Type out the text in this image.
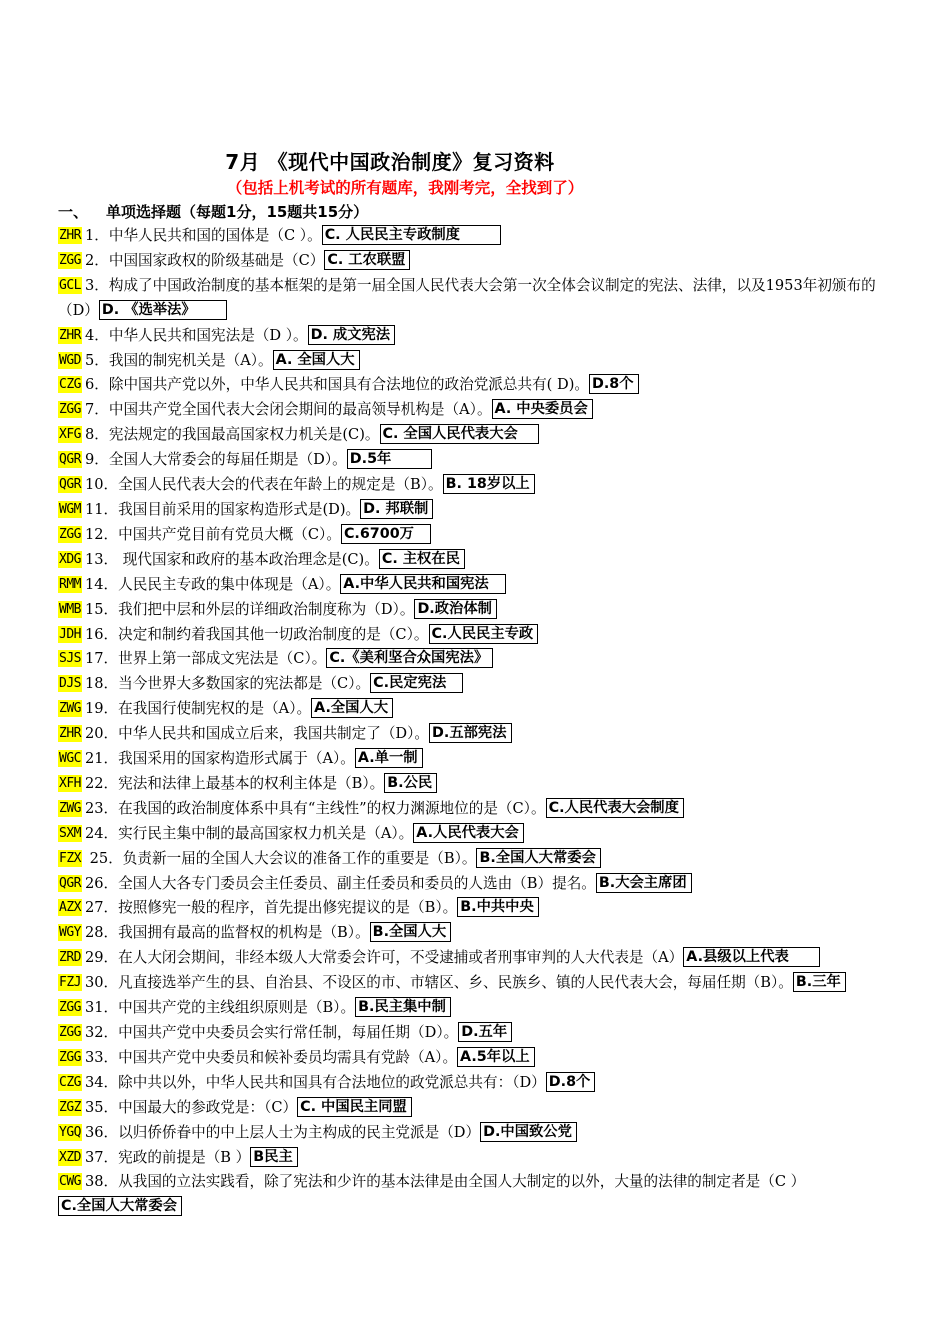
7月 《现代中国政治制度》复习资料
（包括上机考试的所有题库，我刚考完，全找到了）
一、 单项选择题（每题1分，15题共15分）
ZHR 1．中华人民共和国的国体是（C ）。 C. 人民民主专政制度
ZGG 2．中国国家政权的阶级基础是（C） C. 工农联盟
GCL 3．构成了中国政治制度的基本框架的是第一届全国人民代表大会第一次全体会议制定的宪法、法律，以及1953年初颁布的（D） D. 《选举法》
ZHR 4．中华人民共和国宪法是（D ）。 D. 成文宪法
WGD 5．我国的制宪机关是（A）。 A. 全国人大
CZG 6．除中国共产党以外，中华人民共和国具有合法地位的政治党派总共有( D)。 D.8个
ZGG 7．中国共产党全国代表大会闭会期间的最高领导机构是（A）。 A. 中央委员会
XFG 8．宪法规定的我国最高国家权力机关是(C)。 C. 全国人民代表大会
QGR 9．全国人大常委会的每届任期是（D）。 D.5年
QGR 10．全国人民代表大会的代表在年龄上的规定是（B）。 B. 18岁以上
WGM 11．我国目前采用的国家构造形式是(D)。 D. 邦联制
ZGG 12．中国共产党目前有党员大概（C）。 C.6700万
XDG 13． 现代国家和政府的基本政治理念是(C)。 C. 主权在民
RMM 14．人民民主专政的集中体现是（A）。 A.中华人民共和国宪法
WMB 15．我们把中层和外层的详细政治制度称为（D）。 D.政治体制
JDH 16．决定和制约着我国其他一切政治制度的是（C）。 C.人民民主专政
SJS 17．世界上第一部成文宪法是（C）。 C.《美利坚合众国宪法》
DJS 18．当今世界大多数国家的宪法都是（C）。 C.民定宪法
ZWG 19．在我国行使制宪权的是（A）。 A.全国人大
ZHR 20．中华人民共和国成立后来，我国共制定了（D）。 D.五部宪法
WGC 21．我国采用的国家构造形式属于（A）。 A.单一制
XFH 22．宪法和法律上最基本的权利主体是（B）。 B.公民
ZWG 23．在我国的政治制度体系中具有“主线性”的权力渊源地位的是（C）。 C.人民代表大会制度
SXM 24．实行民主集中制的最高国家权力机关是（A）。 A.人民代表大会
FZX 25．负责新一届的全国人大会议的准备工作的重要是（B）。 B.全国人大常委会
QGR 26．全国人大各专门委员会主任委员、副主任委员和委员的人选由（B）提名。 B.大会主席团
AZX 27．按照修宪一般的程序，首先提出修宪提议的是（B）。 B.中共中央
WGY 28．我国拥有最高的监督权的机构是（B）。 B.全国人大
ZRD 29．在人大闭会期间，非经本级人大常委会许可，不受逮捕或者刑事审判的人大代表是（A） A.县级以上代表
FZJ 30．凡直接选举产生的县、自治县、不设区的市、市辖区、乡、民族乡、镇的人民代表大会，每届任期（B）。 B.三年
ZGG 31．中国共产党的主线组织原则是（B）。 B.民主集中制
ZGG 32．中国共产党中央委员会实行常任制，每届任期（D）。 D.五年
ZGG 33．中国共产党中央委员和候补委员均需具有党龄（A）。 A.5年以上
CZG 34．除中共以外，中华人民共和国具有合法地位的政党派总共有：（D） D.8个
ZGZ 35．中国最大的参政党是：（C） C. 中国民主同盟
YGQ 36．以归侨侨眷中的中上层人士为主构成的民主党派是（D） D.中国致公党
XZD 37．宪政的前提是（B ） B民主
CWG 38．从我国的立法实践看，除了宪法和少许的基本法律是由全国人大制定的以外，大量的法律的制定者是（C ）C.全国人大常委会
